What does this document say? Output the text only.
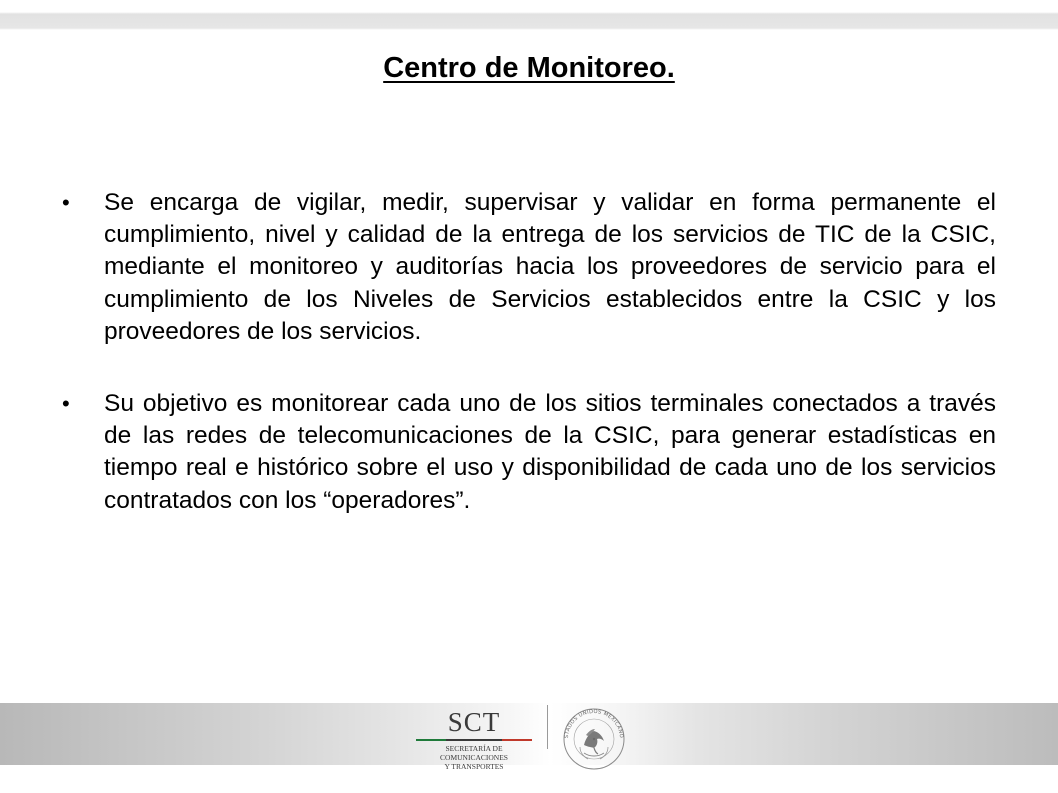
Centro de Monitoreo.
• Se encarga de vigilar, medir, supervisar y validar en forma permanente el cumplimiento, nivel y calidad de la entrega de los servicios de TIC de la CSIC, mediante el monitoreo y auditorías hacia los proveedores de servicio para el cumplimiento de los Niveles de Servicios establecidos entre la CSIC y los proveedores de los servicios.
• Su objetivo es monitorear cada uno de los sitios terminales conectados a través de las redes de telecomunicaciones de la CSIC, para generar estadísticas en tiempo real e histórico sobre el uso y disponibilidad de cada uno de los servicios contratados con los “operadores”.
SCT
SECRETARÍA DE
COMUNICACIONES
Y TRANSPORTES
STADOS UNIDOS MEXICANO
